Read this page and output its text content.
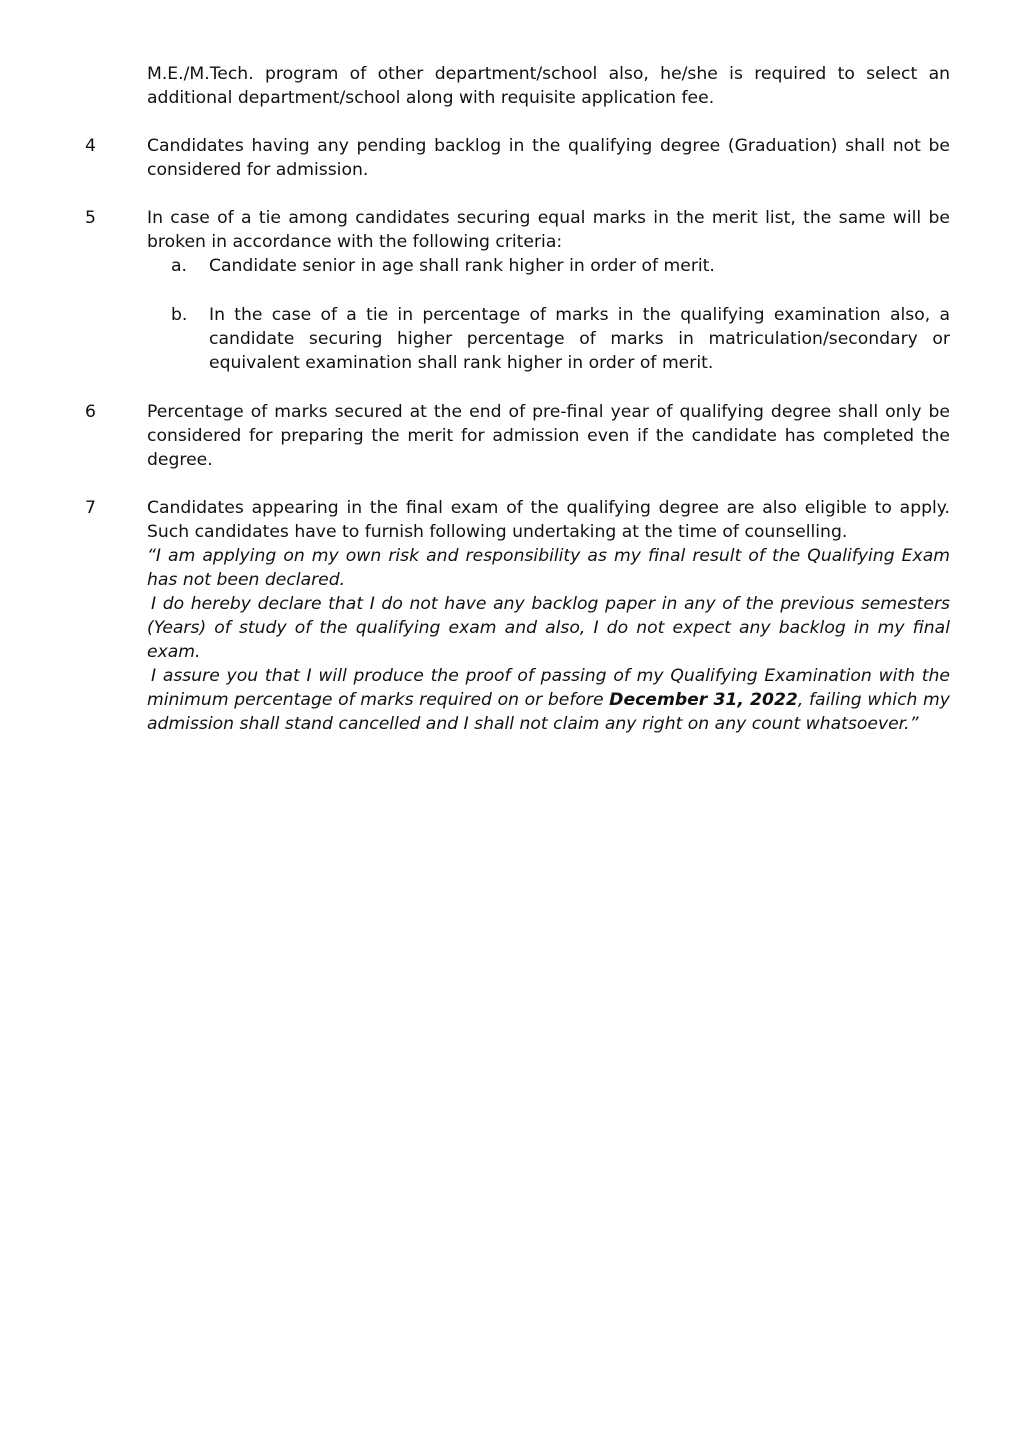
M.E./M.Tech. program of other department/school also, he/she is required to select an additional department/school along with requisite application fee.
4	Candidates having any pending backlog in the qualifying degree (Graduation) shall not be considered for admission.
5	In case of a tie among candidates securing equal marks in the merit list, the same will be broken in accordance with the following criteria:
a.	Candidate senior in age shall rank higher in order of merit.
b.	In the case of a tie in percentage of marks in the qualifying examination also, a candidate securing higher percentage of marks in matriculation/secondary or equivalent examination shall rank higher in order of merit.
6	Percentage of marks secured at the end of pre-final year of qualifying degree shall only be considered for preparing the merit for admission even if the candidate has completed the degree.
7	Candidates appearing in the final exam of the qualifying degree are also eligible to apply. Such candidates have to furnish following undertaking at the time of counselling.
“I am applying on my own risk and responsibility as my final result of the Qualifying Exam has not been declared.
I do hereby declare that I do not have any backlog paper in any of the previous semesters (Years) of study of the qualifying exam and also, I do not expect any backlog in my final exam.
I assure you that I will produce the proof of passing of my Qualifying Examination with the minimum percentage of marks required on or before December 31, 2022, failing which my admission shall stand cancelled and I shall not claim any right on any count whatsoever.”
